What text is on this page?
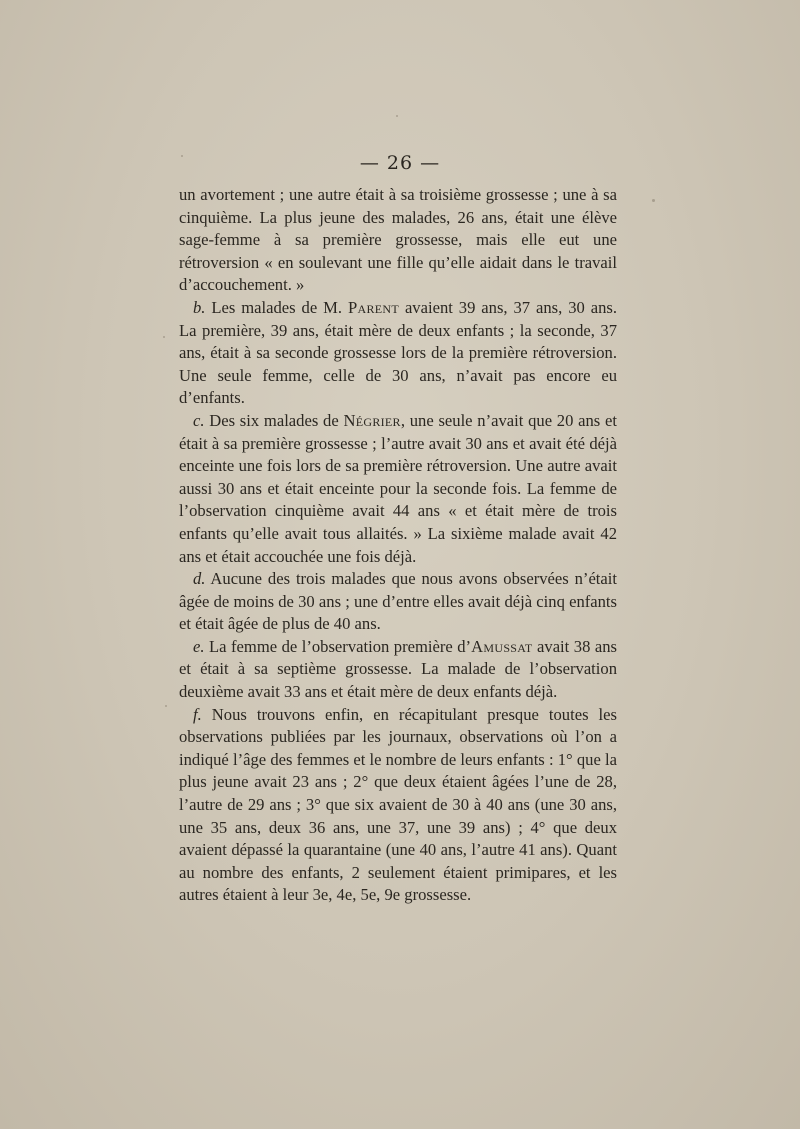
— 26 —

un avortement ; une autre était à sa troisième grossesse ; une à sa cinquième. La plus jeune des malades, 26 ans, était une élève sage-femme à sa première grossesse, mais elle eut une rétroversion « en soulevant une fille qu’elle aidait dans le travail d’accouchement. »

b. Les malades de M. Parent avaient 39 ans, 37 ans, 30 ans. La première, 39 ans, était mère de deux enfants ; la seconde, 37 ans, était à sa seconde grossesse lors de la première rétroversion. Une seule femme, celle de 30 ans, n’avait pas encore eu d’enfants.

c. Des six malades de Négrier, une seule n’avait que 20 ans et était à sa première grossesse ; l’autre avait 30 ans et avait été déjà enceinte une fois lors de sa première rétroversion. Une autre avait aussi 30 ans et était enceinte pour la seconde fois. La femme de l’observation cinquième avait 44 ans « et était mère de trois enfants qu’elle avait tous allaités. » La sixième malade avait 42 ans et était accouchée une fois déjà.

d. Aucune des trois malades que nous avons observées n’était âgée de moins de 30 ans ; une d’entre elles avait déjà cinq enfants et était âgée de plus de 40 ans.

e. La femme de l’observation première d’Amussat avait 38 ans et était à sa septième grossesse. La malade de l’observation deuxième avait 33 ans et était mère de deux enfants déjà.

f. Nous trouvons enfin, en récapitulant presque toutes les observations publiées par les journaux, observations où l’on a indiqué l’âge des femmes et le nombre de leurs enfants : 1° que la plus jeune avait 23 ans ; 2° que deux étaient âgées l’une de 28, l’autre de 29 ans ; 3° que six avaient de 30 à 40 ans (une 30 ans, une 35 ans, deux 36 ans, une 37, une 39 ans) ; 4° que deux avaient dépassé la quarantaine (une 40 ans, l’autre 41 ans). Quant au nombre des enfants, 2 seulement étaient primipares, et les autres étaient à leur 3e, 4e, 5e, 9e grossesse.
